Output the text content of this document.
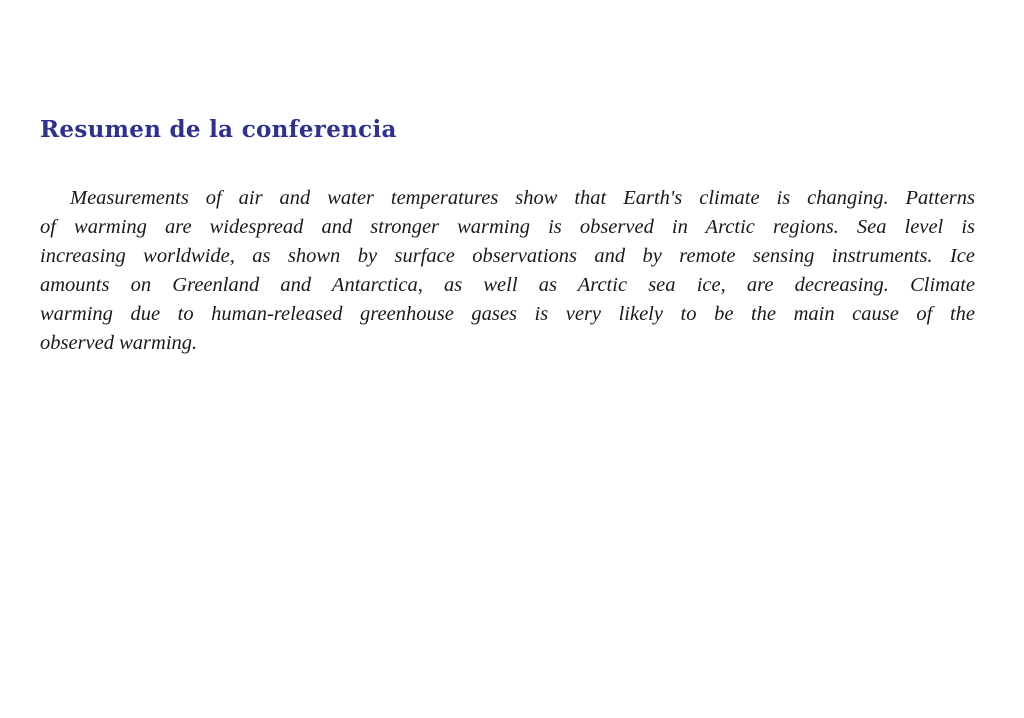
Resumen de la conferencia
Measurements of air and water temperatures show that Earth's climate is changing. Patterns
of warming are widespread and stronger warming is observed in Arctic regions. Sea level is
increasing worldwide, as shown by surface observations and by remote sensing instruments. Ice
amounts on Greenland and Antarctica, as well as Arctic sea ice, are decreasing. Climate
warming due to human-released greenhouse gases is very likely to be the main cause of the
observed warming.
